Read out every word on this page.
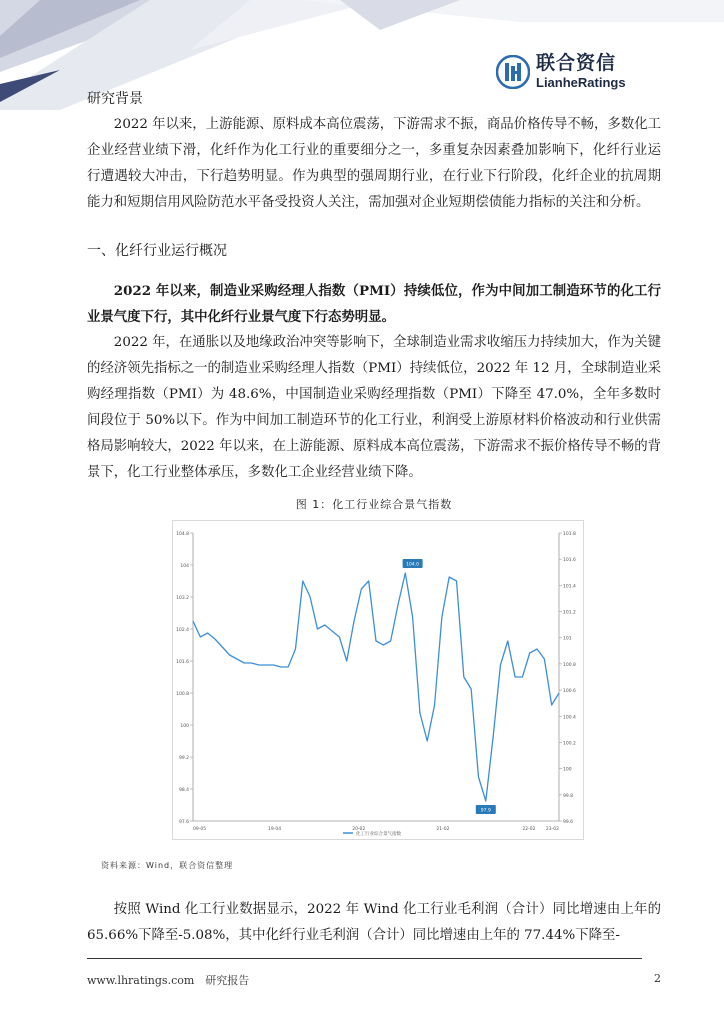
联合资信
LianheRatings

研究背景

2022 年以来，上游能源、原料成本高位震荡，下游需求不振，商品价格传导不畅，多数化工企业经营业绩下滑，化纤作为化工行业的重要细分之一，多重复杂因素叠加影响下，化纤行业运行遭遇较大冲击，下行趋势明显。作为典型的强周期行业，在行业下行阶段，化纤企业的抗周期能力和短期信用风险防范水平备受投资人关注，需加强对企业短期偿债能力指标的关注和分析。

一、化纤行业运行概况

2022 年以来，制造业采购经理人指数（PMI）持续低位，作为中间加工制造环节的化工行业景气度下行，其中化纤行业景气度下行态势明显。

2022 年，在通胀以及地缘政治冲突等影响下，全球制造业需求收缩压力持续加大，作为关键的经济领先指标之一的制造业采购经理人指数（PMI）持续低位，2022 年 12 月，全球制造业采购经理指数（PMI）为 48.6%，中国制造业采购经理指数（PMI）下降至 47.0%，全年多数时间段位于 50%以下。作为中间加工制造环节的化工行业，利润受上游原材料价格波动和行业供需格局影响较大，2022 年以来，在上游能源、原料成本高位震荡，下游需求不振价格传导不畅的背景下，化工行业整体承压，多数化工企业经营业绩下降。

图 1：化工行业综合景气指数
97.6
98.4
99.2
100
100.8
101.6
102.4
103.2
104
104.8
99.6
99.8
100
100.2
100.4
100.6
100.8
101
101.2
101.4
101.6
101.8
09-05	19-04	20-02	21-02	22-02 23-02
化工行业综合景气指数
104.0
97.9
资料来源：Wind，联合资信整理

按照 Wind 化工行业数据显示，2022 年 Wind 化工行业毛利润（合计）同比增速由上年的 65.66%下降至-5.08%，其中化纤行业毛利润（合计）同比增速由上年的 77.44%下降至-

www.lhratings.com　研究报告	2
